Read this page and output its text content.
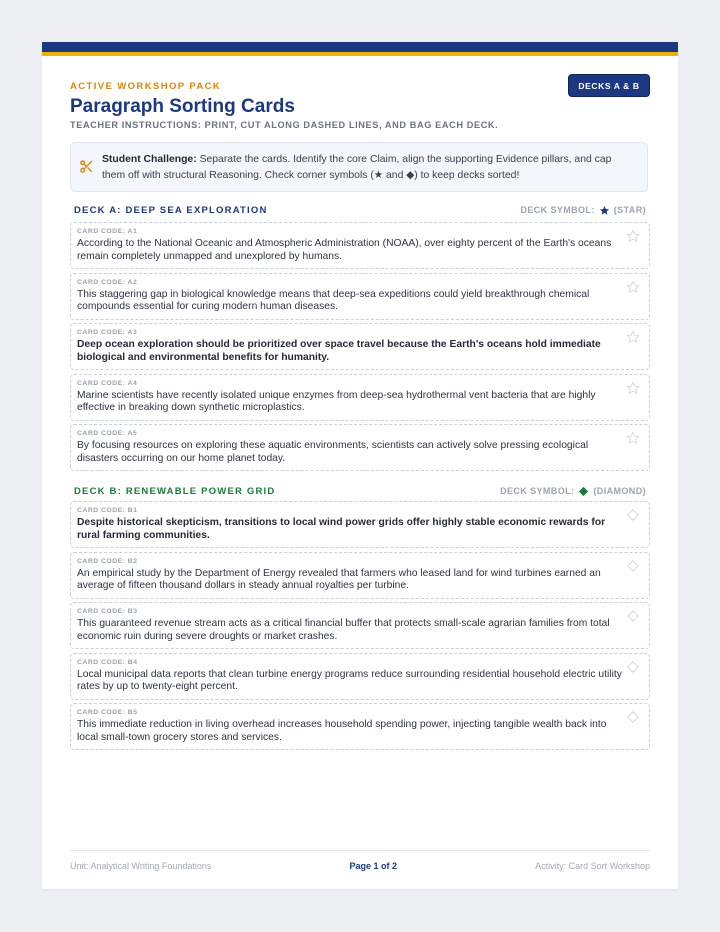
ACTIVE WORKSHOP PACK	DECKS A & B
Paragraph Sorting Cards
TEACHER INSTRUCTIONS: PRINT, CUT ALONG DASHED LINES, AND BAG EACH DECK.
Student Challenge: Separate the cards. Identify the core Claim, align the supporting Evidence pillars, and cap them off with structural Reasoning. Check corner symbols (★ and ◆) to keep decks sorted!
DECK A: DEEP SEA EXPLORATION	DECK SYMBOL: (STAR)
CARD CODE: A1
According to the National Oceanic and Atmospheric Administration (NOAA), over eighty percent of the Earth's oceans remain completely unmapped and unexplored by humans.
CARD CODE: A2
This staggering gap in biological knowledge means that deep-sea expeditions could yield breakthrough chemical compounds essential for curing modern human diseases.
CARD CODE: A3
Deep ocean exploration should be prioritized over space travel because the Earth's oceans hold immediate biological and environmental benefits for humanity.
CARD CODE: A4
Marine scientists have recently isolated unique enzymes from deep-sea hydrothermal vent bacteria that are highly effective in breaking down synthetic microplastics.
CARD CODE: A5
By focusing resources on exploring these aquatic environments, scientists can actively solve pressing ecological disasters occurring on our home planet today.
DECK B: RENEWABLE POWER GRID	DECK SYMBOL: (DIAMOND)
CARD CODE: B1
Despite historical skepticism, transitions to local wind power grids offer highly stable economic rewards for rural farming communities.
CARD CODE: B2
An empirical study by the Department of Energy revealed that farmers who leased land for wind turbines earned an average of fifteen thousand dollars in steady annual royalties per turbine.
CARD CODE: B3
This guaranteed revenue stream acts as a critical financial buffer that protects small-scale agrarian families from total economic ruin during severe droughts or market crashes.
CARD CODE: B4
Local municipal data reports that clean turbine energy programs reduce surrounding residential household electric utility rates by up to twenty-eight percent.
CARD CODE: B5
This immediate reduction in living overhead increases household spending power, injecting tangible wealth back into local small-town grocery stores and services.
Unit: Analytical Writing Foundations	Page 1 of 2	Activity: Card Sort Workshop
